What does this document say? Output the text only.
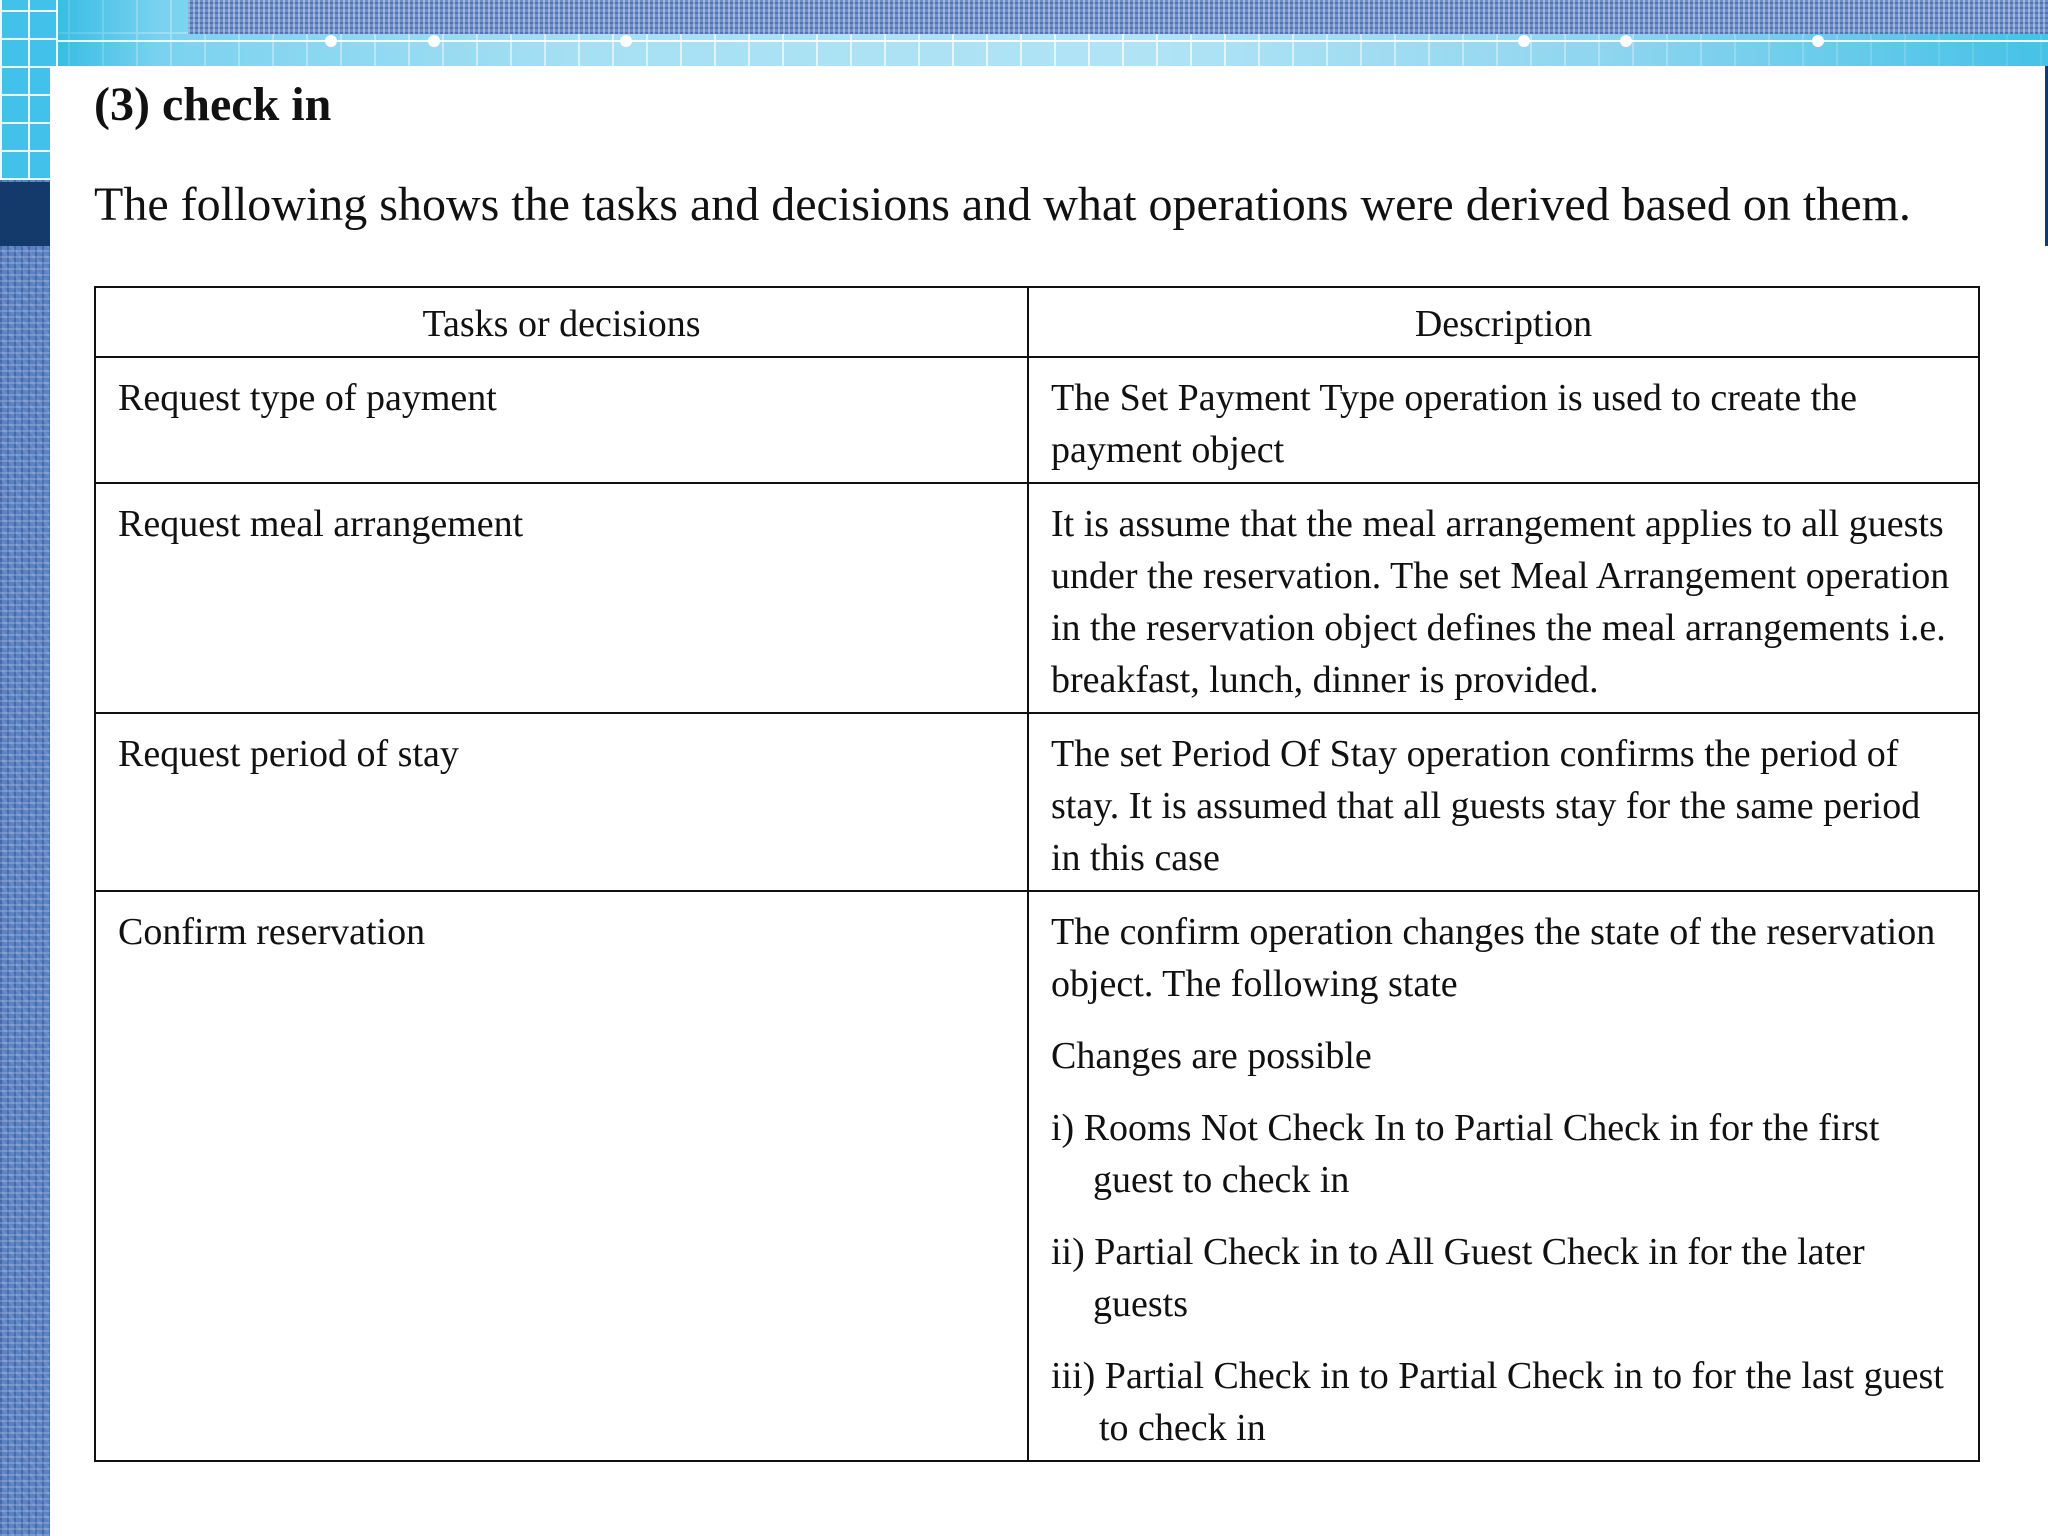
(3) check in

The following shows the tasks and decisions and what operations were derived based on them.

Tasks or decisions	Description
Request type of payment	The Set Payment Type operation is used to create the payment object
Request meal arrangement	It is assume that the meal arrangement applies to all guests under the reservation. The set Meal Arrangement operation in the reservation object defines the meal arrangements i.e. breakfast, lunch, dinner is provided.
Request period of stay	The set Period Of Stay operation confirms the period of stay. It is assumed that all guests stay for the same period in this case
Confirm reservation	The confirm operation changes the state of the reservation object. The following state
Changes are possible
i) Rooms Not Check In to Partial Check in for the first guest to check in
ii) Partial Check in to All Guest Check in for the later guests
iii) Partial Check in to Partial Check in to for the last guest to check in
